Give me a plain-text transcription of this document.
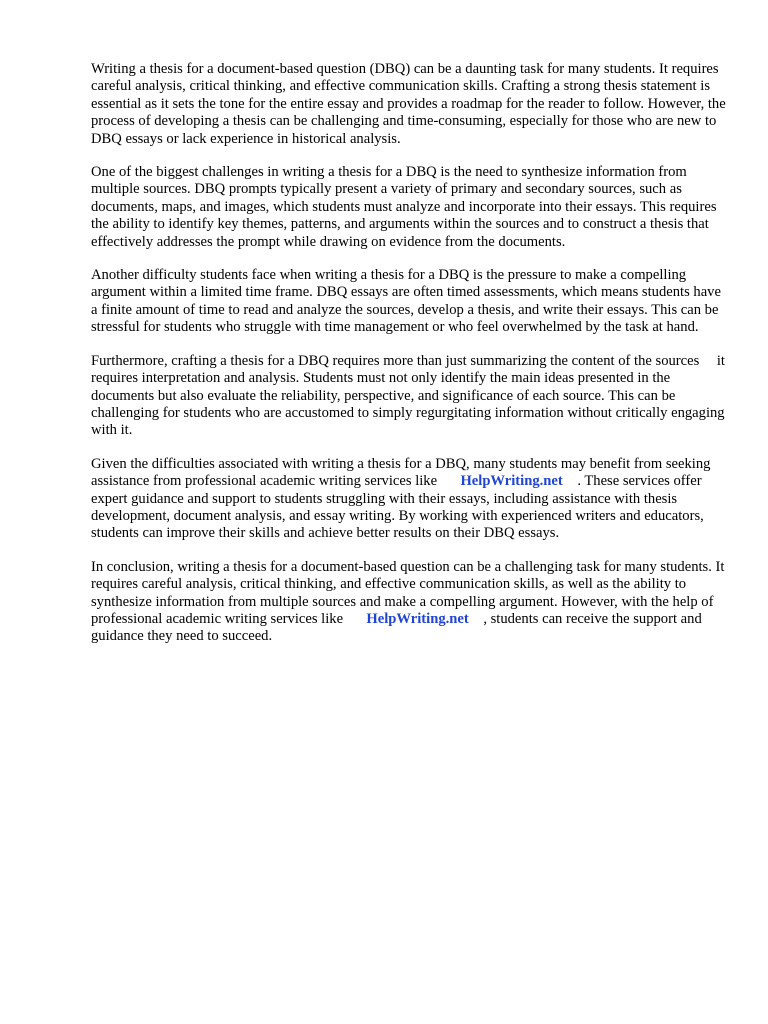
Writing a thesis for a document-based question (DBQ) can be a daunting task for many students. It requires careful analysis, critical thinking, and effective communication skills. Crafting a strong thesis statement is essential as it sets the tone for the entire essay and provides a roadmap for the reader to follow. However, the process of developing a thesis can be challenging and time-consuming, especially for those who are new to DBQ essays or lack experience in historical analysis.

One of the biggest challenges in writing a thesis for a DBQ is the need to synthesize information from multiple sources. DBQ prompts typically present a variety of primary and secondary sources, such as documents, maps, and images, which students must analyze and incorporate into their essays. This requires the ability to identify key themes, patterns, and arguments within the sources and to construct a thesis that effectively addresses the prompt while drawing on evidence from the documents.

Another difficulty students face when writing a thesis for a DBQ is the pressure to make a compelling argument within a limited time frame. DBQ essays are often timed assessments, which means students have a finite amount of time to read and analyze the sources, develop a thesis, and write their essays. This can be stressful for students who struggle with time management or who feel overwhelmed by the task at hand.

Furthermore, crafting a thesis for a DBQ requires more than just summarizing the content of the sources it requires interpretation and analysis. Students must not only identify the main ideas presented in the documents but also evaluate the reliability, perspective, and significance of each source. This can be challenging for students who are accustomed to simply regurgitating information without critically engaging with it.

Given the difficulties associated with writing a thesis for a DBQ, many students may benefit from seeking assistance from professional academic writing services like HelpWriting.net . These services offer expert guidance and support to students struggling with their essays, including assistance with thesis development, document analysis, and essay writing. By working with experienced writers and educators, students can improve their skills and achieve better results on their DBQ essays.

In conclusion, writing a thesis for a document-based question can be a challenging task for many students. It requires careful analysis, critical thinking, and effective communication skills, as well as the ability to synthesize information from multiple sources and make a compelling argument. However, with the help of professional academic writing services like HelpWriting.net , students can receive the support and guidance they need to succeed.
